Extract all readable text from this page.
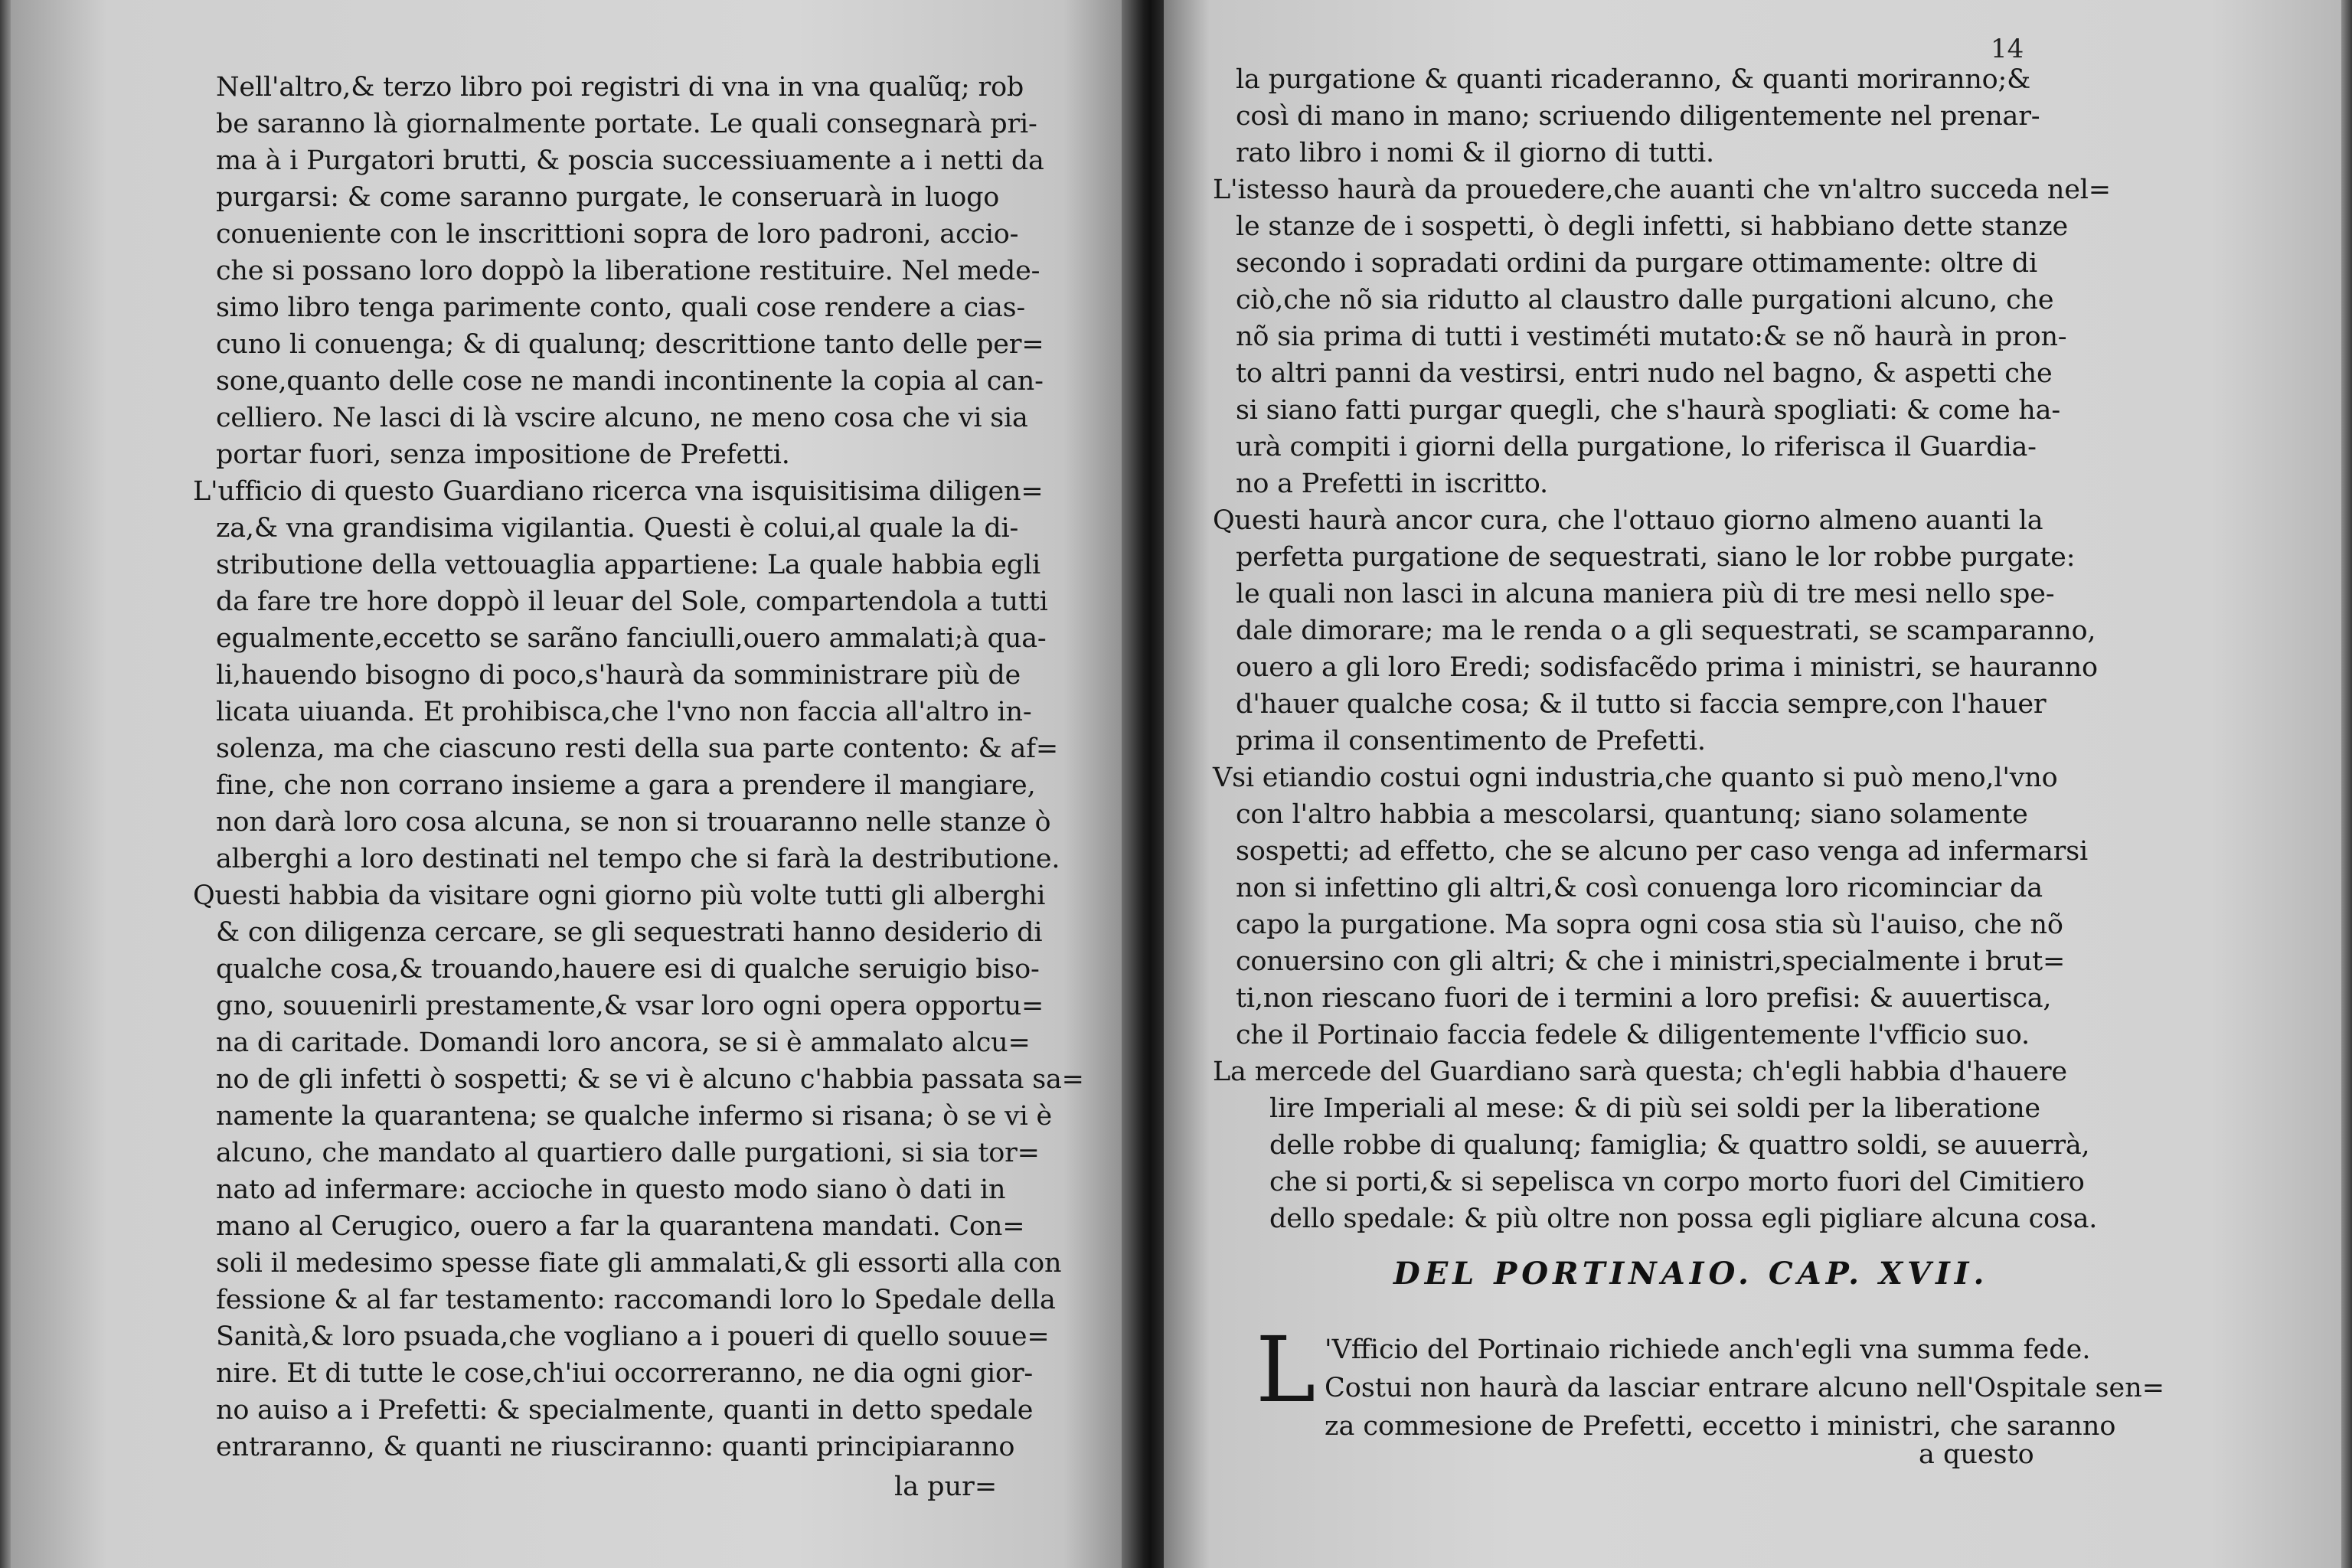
Nell'altro,& terzo libro poi registri di vna in vna qualũq; rob
be saranno là giornalmente portate. Le quali consegnarà pri-
ma à i Purgatori brutti, & poscia successiuamente a i netti da
purgarsi: & come saranno purgate, le conseruarà in luogo
conueniente con le inscrittioni sopra de loro padroni, accio-
che si possano loro doppò la liberatione restituire. Nel mede-
simo libro tenga parimente conto, quali cose rendere a cias-
cuno li conuenga; & di qualunq; descrittione tanto delle per=
sone,quanto delle cose ne mandi incontinente la copia al can-
celliero. Ne lasci di là vscire alcuno, ne meno cosa che vi sia
portar fuori, senza impositione de Prefetti.
L'ufficio di questo Guardiano ricerca vna isquisitisima diligen=
za,& vna grandisima vigilantia. Questi è colui,al quale la di-
stributione della vettouaglia appartiene: La quale habbia egli
da fare tre hore doppò il leuar del Sole, compartendola a tutti
egualmente,eccetto se sarãno fanciulli,ouero ammalati;à qua-
li,hauendo bisogno di poco,s'haurà da somministrare più de
licata uiuanda. Et prohibisca,che l'vno non faccia all'altro in-
solenza, ma che ciascuno resti della sua parte contento: & af=
fine, che non corrano insieme a gara a prendere il mangiare,
non darà loro cosa alcuna, se non si trouaranno nelle stanze ò
alberghi a loro destinati nel tempo che si farà la destributione.
Questi habbia da visitare ogni giorno più volte tutti gli alberghi
& con diligenza cercare, se gli sequestrati hanno desiderio di
qualche cosa,& trouando,hauere esi di qualche seruigio biso-
gno, souuenirli prestamente,& vsar loro ogni opera opportu=
na di caritade. Domandi loro ancora, se si è ammalato alcu=
no de gli infetti ò sospetti; & se vi è alcuno c'habbia passata sa=
namente la quarantena; se qualche infermo si risana; ò se vi è
alcuno, che mandato al quartiero dalle purgationi, si sia tor=
nato ad infermare: accioche in questo modo siano ò dati in
mano al Cerugico, ouero a far la quarantena mandati. Con=
soli il medesimo spesse fiate gli ammalati,& gli essorti alla con
fessione & al far testamento: raccomandi loro lo Spedale della
Sanità,& loro psuada,che vogliano a i poueri di quello souue=
nire. Et di tutte le cose,ch'iui occorreranno, ne dia ogni gior-
no auiso a i Prefetti: & specialmente, quanti in detto spedale
entraranno, & quanti ne riusciranno: quanti principiaranno
la pur=
14
la purgatione & quanti ricaderanno, & quanti moriranno;&
così di mano in mano; scriuendo diligentemente nel prenar-
rato libro i nomi & il giorno di tutti.
L'istesso haurà da prouedere,che auanti che vn'altro succeda nel=
le stanze de i sospetti, ò degli infetti, si habbiano dette stanze
secondo i sopradati ordini da purgare ottimamente: oltre di
ciò,che nõ sia ridutto al claustro dalle purgationi alcuno, che
nõ sia prima di tutti i vestiméti mutato:& se nõ haurà in pron-
to altri panni da vestirsi, entri nudo nel bagno, & aspetti che
si siano fatti purgar quegli, che s'haurà spogliati: & come ha-
urà compiti i giorni della purgatione, lo riferisca il Guardia-
no a Prefetti in iscritto.
Questi haurà ancor cura, che l'ottauo giorno almeno auanti la
perfetta purgatione de sequestrati, siano le lor robbe purgate:
le quali non lasci in alcuna maniera più di tre mesi nello spe-
dale dimorare; ma le renda o a gli sequestrati, se scamparanno,
ouero a gli loro Eredi; sodisfacẽdo prima i ministri, se hauranno
d'hauer qualche cosa; & il tutto si faccia sempre,con l'hauer
prima il consentimento de Prefetti.
Vsi etiandio costui ogni industria,che quanto si può meno,l'vno
con l'altro habbia a mescolarsi, quantunq; siano solamente
sospetti; ad effetto, che se alcuno per caso venga ad infermarsi
non si infettino gli altri,& così conuenga loro ricominciar da
capo la purgatione. Ma sopra ogni cosa stia sù l'auiso, che nõ
conuersino con gli altri; & che i ministri,specialmente i brut=
ti,non riescano fuori de i termini a loro prefisi: & auuertisca,
che il Portinaio faccia fedele & diligentemente l'vfficio suo.
La mercede del Guardiano sarà questa; ch'egli habbia d'hauere
lire Imperiali al mese: & di più sei soldi per la liberatione
delle robbe di qualunq; famiglia; & quattro soldi, se auuerrà,
che si porti,& si sepelisca vn corpo morto fuori del Cimitiero
dello spedale: & più oltre non possa egli pigliare alcuna cosa.
DEL PORTINAIO. CAP. XVII.
L 'Vfficio del Portinaio richiede anch'egli vna summa fede.
Costui non haurà da lasciar entrare alcuno nell'Ospitale sen=
za commesione de Prefetti, eccetto i ministri, che saranno
a questo
